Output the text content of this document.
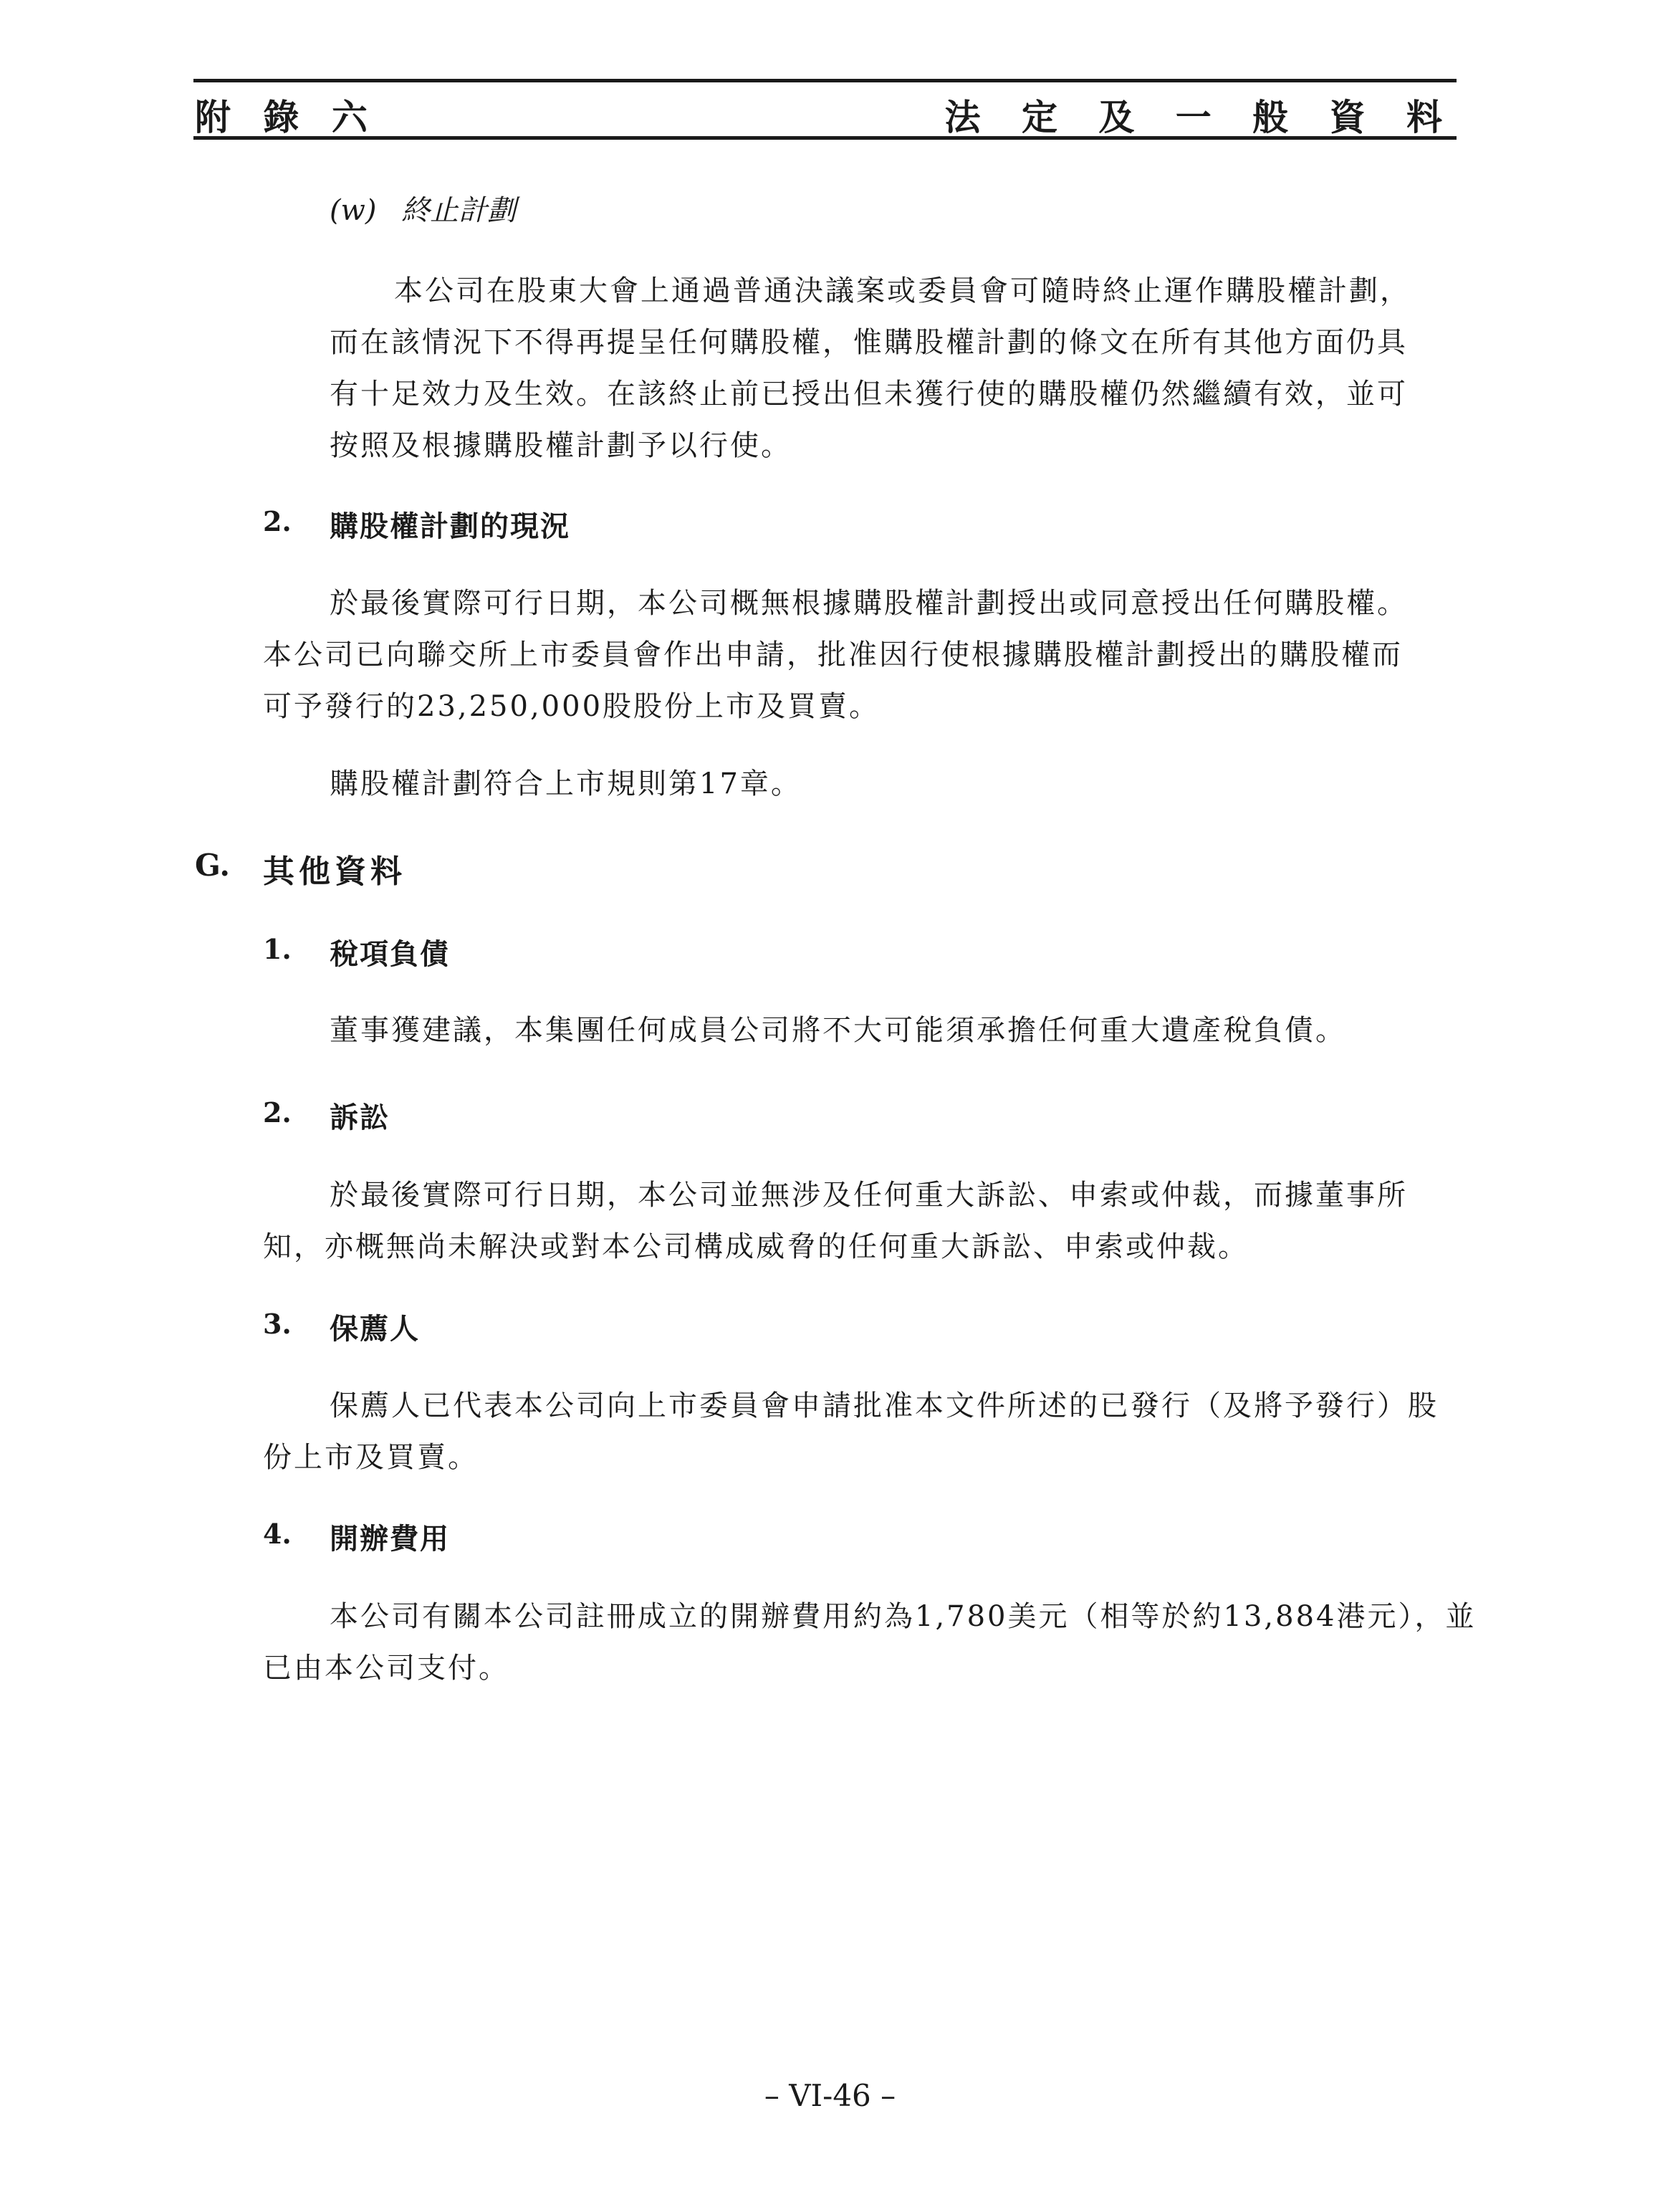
附 錄 六	法 定 及 一 般 資 料
(w) 終止計劃
本公司在股東大會上通過普通決議案或委員會可隨時終止運作購股權計劃，
而在該情況下不得再提呈任何購股權，惟購股權計劃的條文在所有其他方面仍具
有十足效力及生效。在該終止前已授出但未獲行使的購股權仍然繼續有效，並可
按照及根據購股權計劃予以行使。
2. 購股權計劃的現況
於最後實際可行日期，本公司概無根據購股權計劃授出或同意授出任何購股權。
本公司已向聯交所上市委員會作出申請，批准因行使根據購股權計劃授出的購股權而
可予發行的23,250,000股股份上市及買賣。
購股權計劃符合上市規則第17章。
G. 其他資料
1. 稅項負債
董事獲建議，本集團任何成員公司將不大可能須承擔任何重大遺產稅負債。
2. 訴訟
於最後實際可行日期，本公司並無涉及任何重大訴訟、申索或仲裁，而據董事所
知，亦概無尚未解決或對本公司構成威脅的任何重大訴訟、申索或仲裁。
3. 保薦人
保薦人已代表本公司向上市委員會申請批准本文件所述的已發行（及將予發行）股
份上市及買賣。
4. 開辦費用
本公司有關本公司註冊成立的開辦費用約為1,780美元（相等於約13,884港元），並
已由本公司支付。
– VI-46 –
